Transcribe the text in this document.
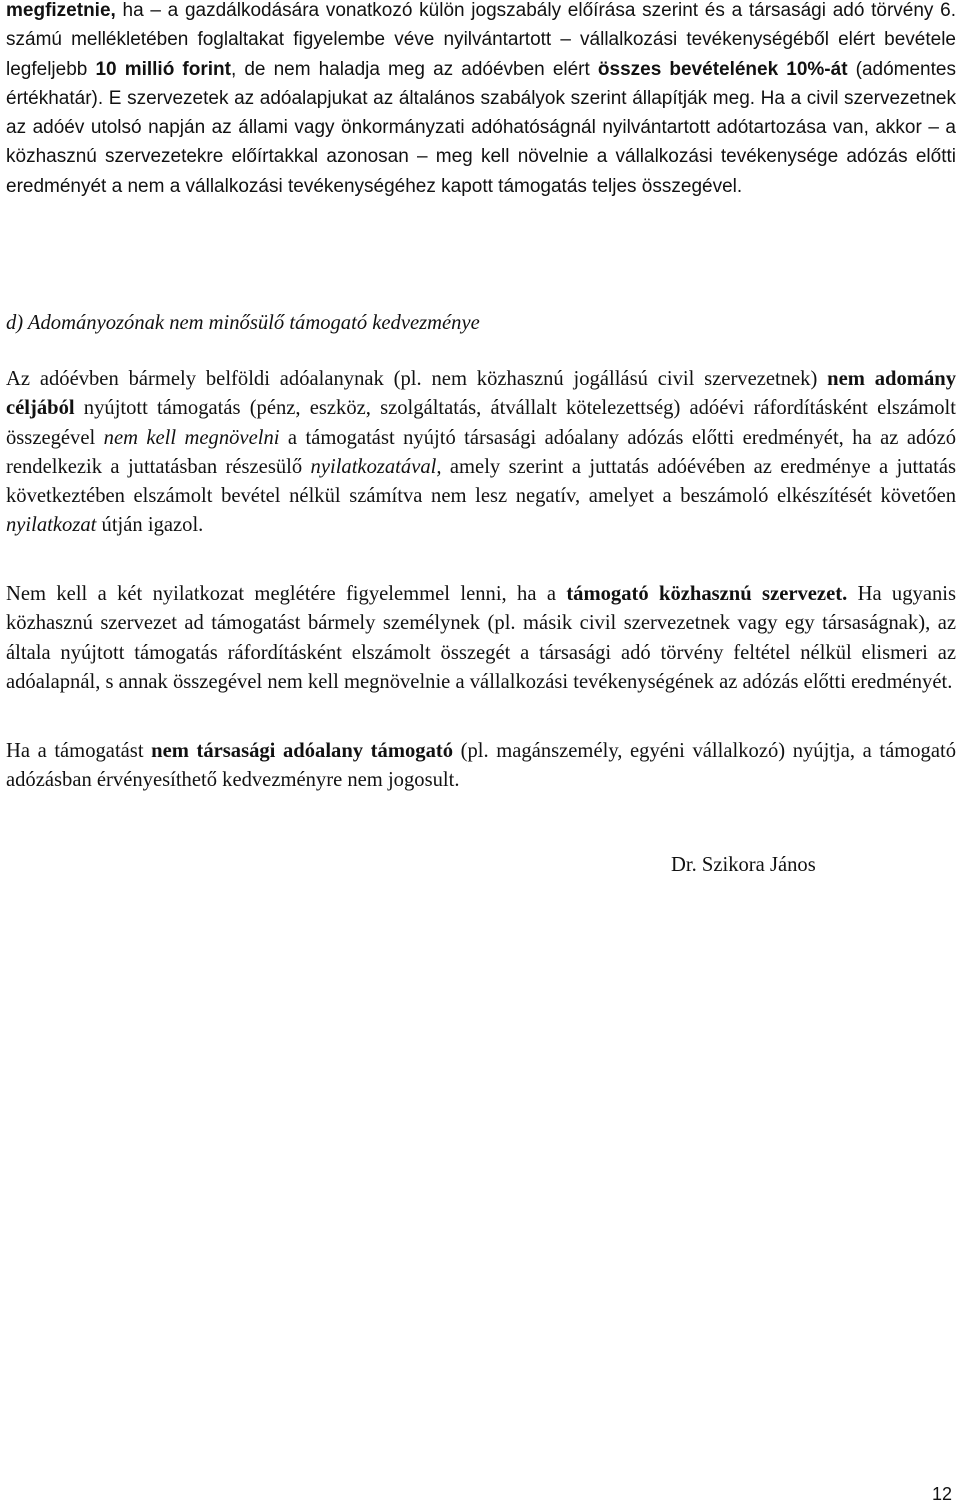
megfizetnie, ha – a gazdálkodására vonatkozó külön jogszabály előírása szerint és a társasági adó törvény 6. számú mellékletében foglaltakat figyelembe véve nyilvántartott – vállalkozási tevékenységéből elért bevétele legfeljebb 10 millió forint, de nem haladja meg az adóévben elért összes bevételének 10%-át (adómentes értékhatár). E szervezetek az adóalapjukat az általános szabályok szerint állapítják meg. Ha a civil szervezetnek az adóév utolsó napján az állami vagy önkormányzati adóhatóságnál nyilvántartott adótartozása van, akkor – a közhasznú szervezetekre előírtakkal azonosan – meg kell növelnie a vállalkozási tevékenysége adózás előtti eredményét a nem a vállalkozási tevékenységéhez kapott támogatás teljes összegével.

d) Adományozónak nem minősülő támogató kedvezménye

Az adóévben bármely belföldi adóalanynak (pl. nem közhasznú jogállású civil szervezetnek) nem adomány céljából nyújtott támogatás (pénz, eszköz, szolgáltatás, átvállalt kötelezettség) adóévi ráfordításként elszámolt összegével nem kell megnövelni a támogatást nyújtó társasági adóalany adózás előtti eredményét, ha az adózó rendelkezik a juttatásban részesülő nyilatkozatával, amely szerint a juttatás adóévében az eredménye a juttatás következtében elszámolt bevétel nélkül számítva nem lesz negatív, amelyet a beszámoló elkészítését követően nyilatkozat útján igazol.

Nem kell a két nyilatkozat meglétére figyelemmel lenni, ha a támogató közhasznú szervezet. Ha ugyanis közhasznú szervezet ad támogatást bármely személynek (pl. másik civil szervezetnek vagy egy társaságnak), az általa nyújtott támogatás ráfordításként elszámolt összegét a társasági adó törvény feltétel nélkül elismeri az adóalapnál, s annak összegével nem kell megnövelnie a vállalkozási tevékenységének az adózás előtti eredményét.

Ha a támogatást nem társasági adóalany támogató (pl. magánszemély, egyéni vállalkozó) nyújtja, a támogató adózásban érvényesíthető kedvezményre nem jogosult.

Dr. Szikora János
12
